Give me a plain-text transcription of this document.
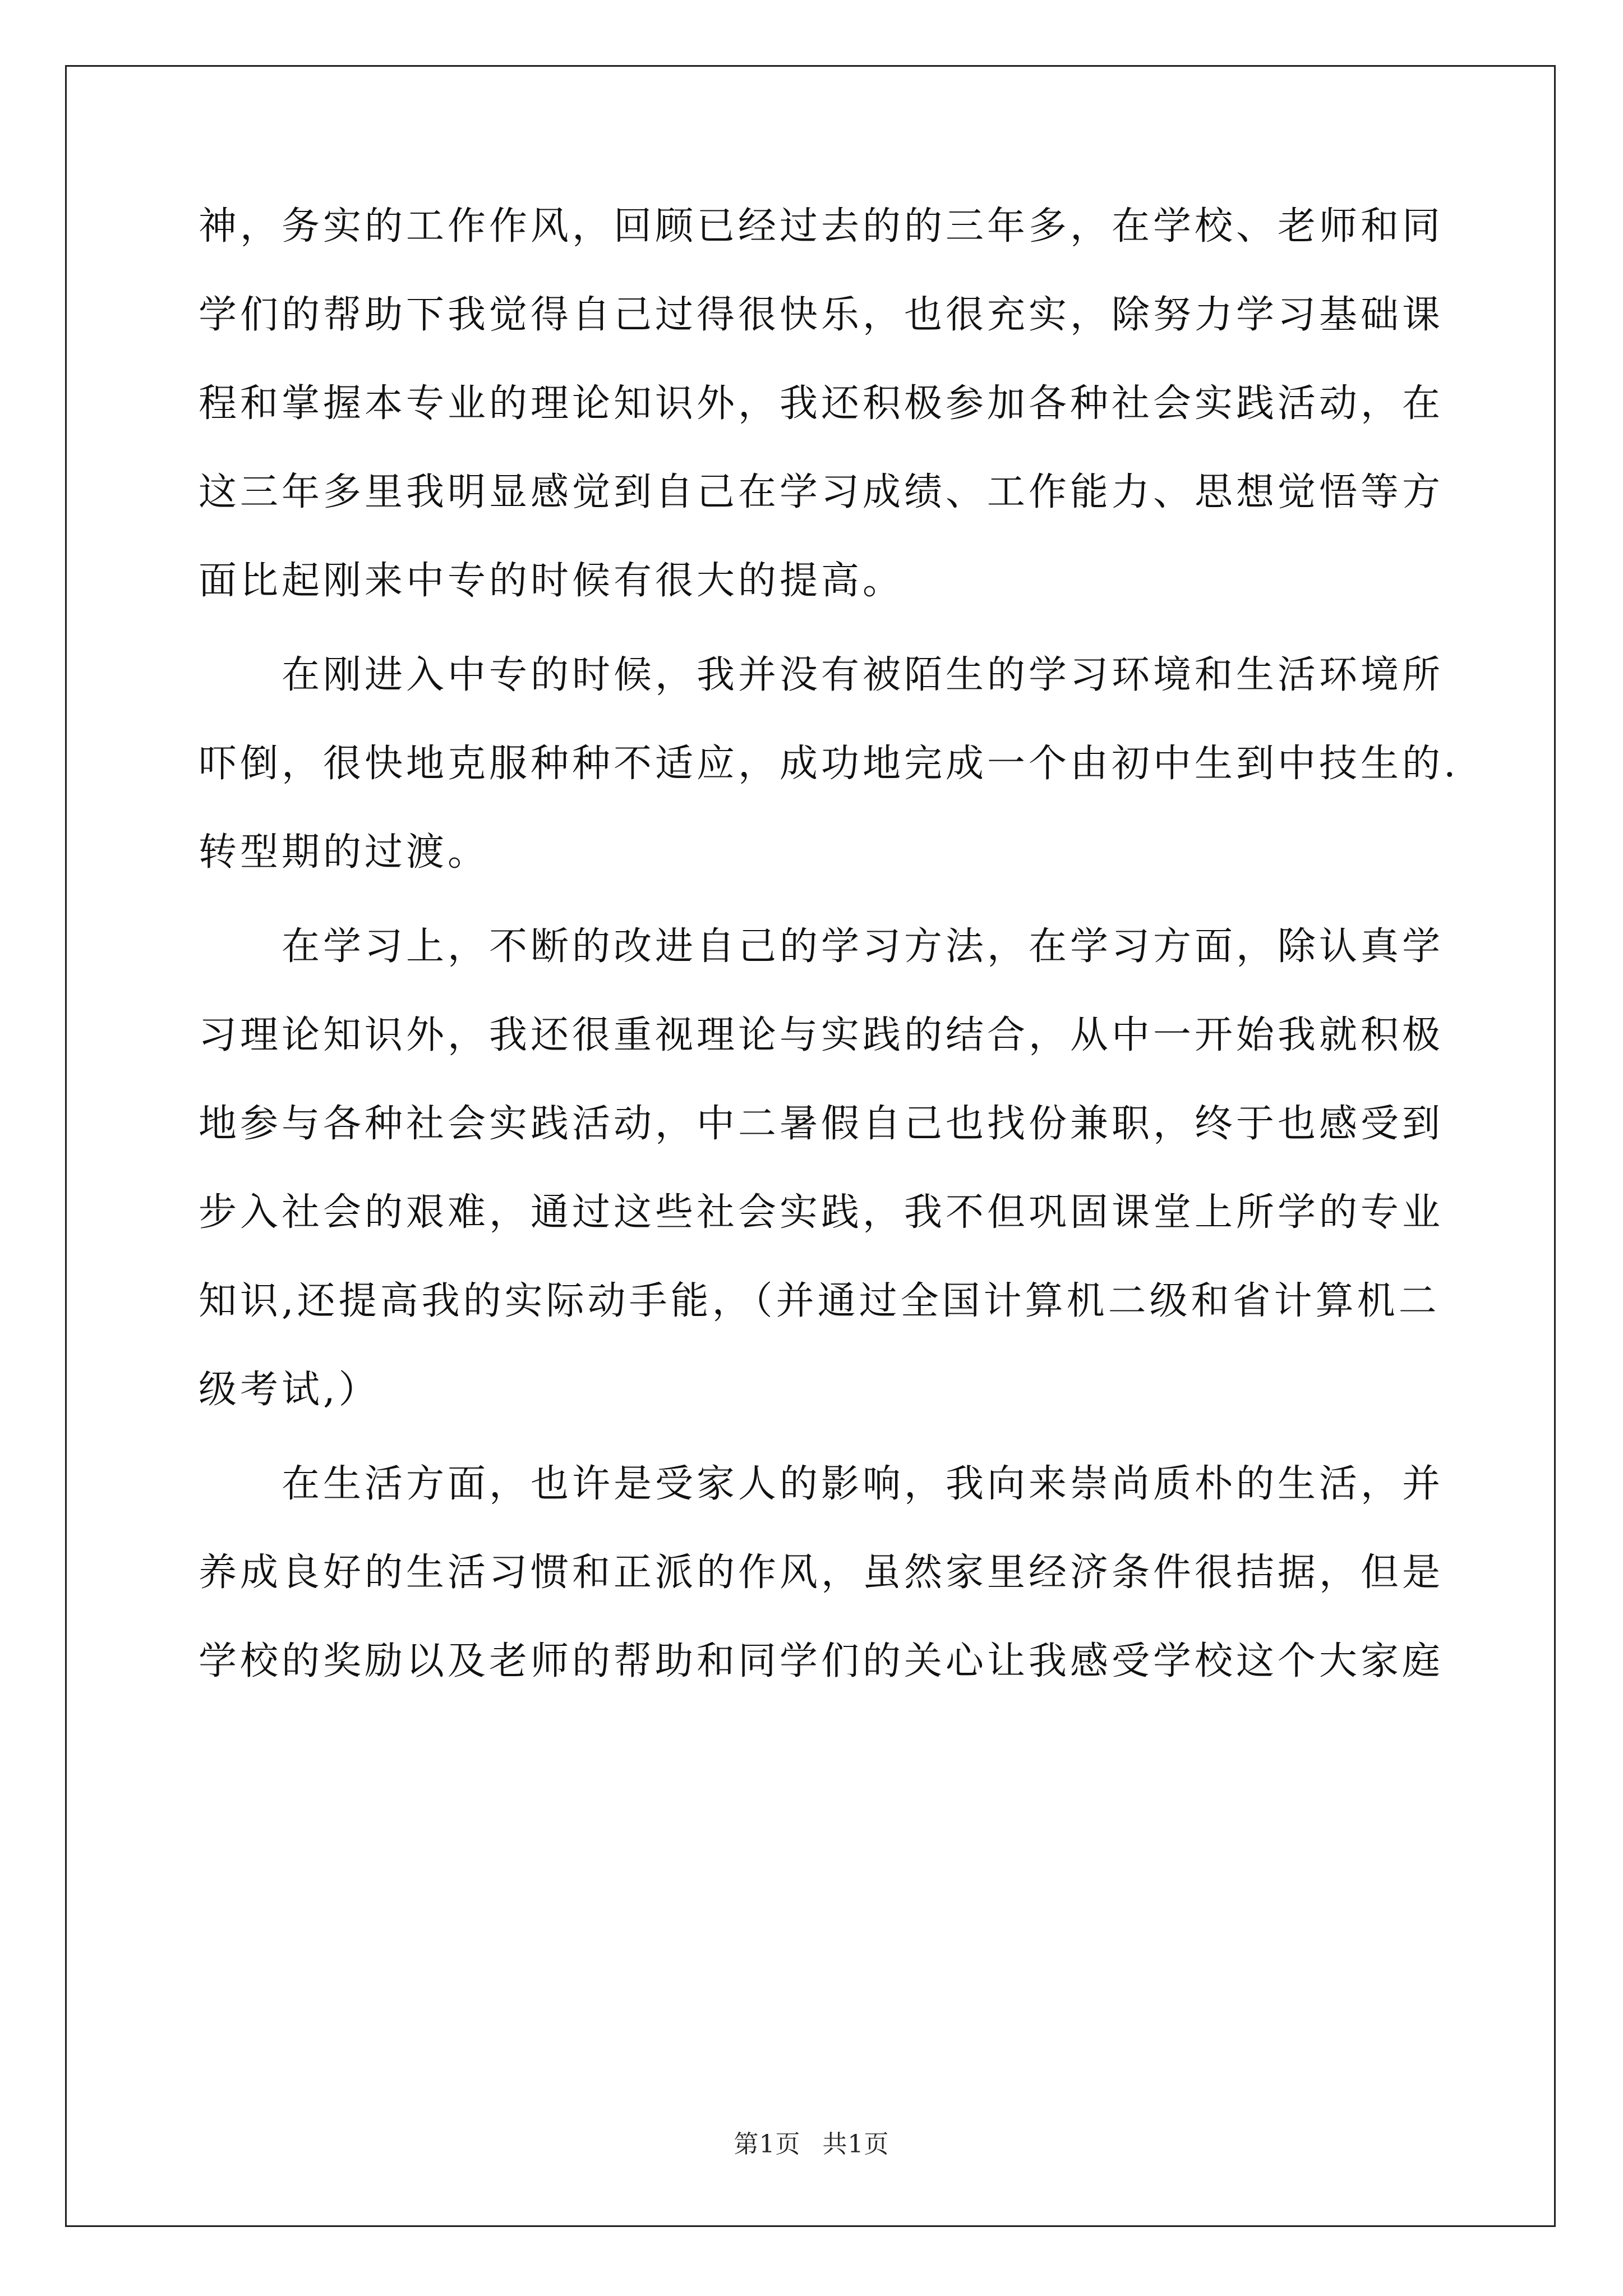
神，务实的工作作风，回顾已经过去的的三年多，在学校、老师和同
学们的帮助下我觉得自己过得很快乐，也很充实，除努力学习基础课
程和掌握本专业的理论知识外，我还积极参加各种社会实践活动，在
这三年多里我明显感觉到自己在学习成绩、工作能力、思想觉悟等方
面比起刚来中专的时候有很大的提高。
　　在刚进入中专的时候，我并没有被陌生的学习环境和生活环境所
吓倒，很快地克服种种不适应，成功地完成一个由初中生到中技生的.
转型期的过渡。
　　在学习上，不断的改进自己的学习方法，在学习方面，除认真学
习理论知识外，我还很重视理论与实践的结合，从中一开始我就积极
地参与各种社会实践活动，中二暑假自己也找份兼职，终于也感受到
步入社会的艰难，通过这些社会实践，我不但巩固课堂上所学的专业
知识,还提高我的实际动手能，（并通过全国计算机二级和省计算机二
级考试,）
　　在生活方面，也许是受家人的影响，我向来崇尚质朴的生活，并
养成良好的生活习惯和正派的作风，虽然家里经济条件很拮据，但是
学校的奖励以及老师的帮助和同学们的关心让我感受学校这个大家庭
第1页 共1页
